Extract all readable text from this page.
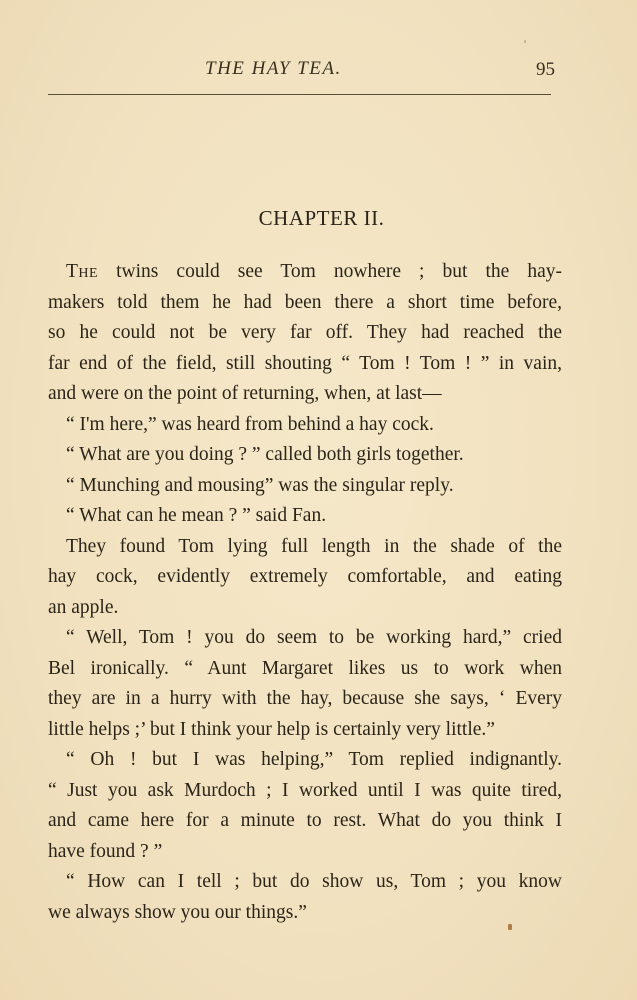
THE HAY TEA.	95
CHAPTER II.
The twins could see Tom nowhere ; but the hay-
makers told them he had been there a short time before,
so he could not be very far off. They had reached the
far end of the field, still shouting “ Tom ! Tom ! ” in vain,
and were on the point of returning, when, at last—
“ I'm here,” was heard from behind a hay cock.
“ What are you doing ? ” called both girls together.
“ Munching and mousing” was the singular reply.
“ What can he mean ? ” said Fan.
They found Tom lying full length in the shade of the
hay cock, evidently extremely comfortable, and eating
an apple.
“ Well, Tom ! you do seem to be working hard,” cried
Bel ironically. “ Aunt Margaret likes us to work when
they are in a hurry with the hay, because she says, ‘ Every
little helps ;’ but I think your help is certainly very little.”
“ Oh ! but I was helping,” Tom replied indignantly.
“ Just you ask Murdoch ; I worked until I was quite tired,
and came here for a minute to rest. What do you think I
have found ? ”
“ How can I tell ; but do show us, Tom ; you know
we always show you our things.”
